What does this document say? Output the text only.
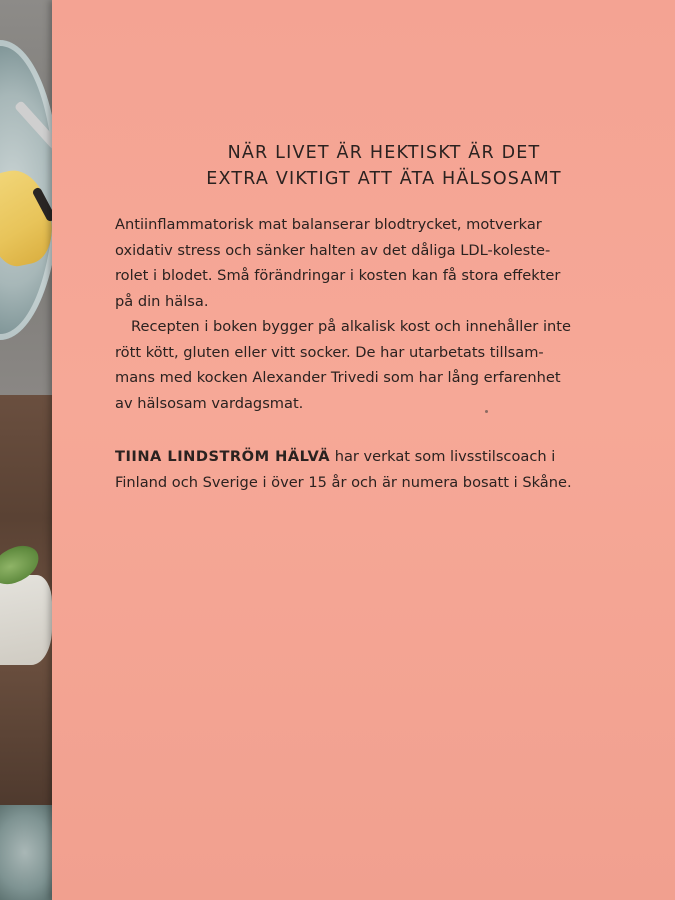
NÄR LIVET ÄR HEKTISKT ÄR DET
EXTRA VIKTIGT ATT ÄTA HÄLSOSAMT
Antiinflammatorisk mat balanserar blodtrycket, motverkar
oxidativ stress och sänker halten av det dåliga LDL-koleste-
rolet i blodet. Små förändringar i kosten kan få stora effekter
på din hälsa.
Recepten i boken bygger på alkalisk kost och innehåller inte
rött kött, gluten eller vitt socker. De har utarbetats tillsam-
mans med kocken Alexander Trivedi som har lång erfarenhet
av hälsosam vardagsmat.
TIINA LINDSTRÖM HÄLVÄ har verkat som livsstilscoach i
Finland och Sverige i över 15 år och är numera bosatt i Skåne.
